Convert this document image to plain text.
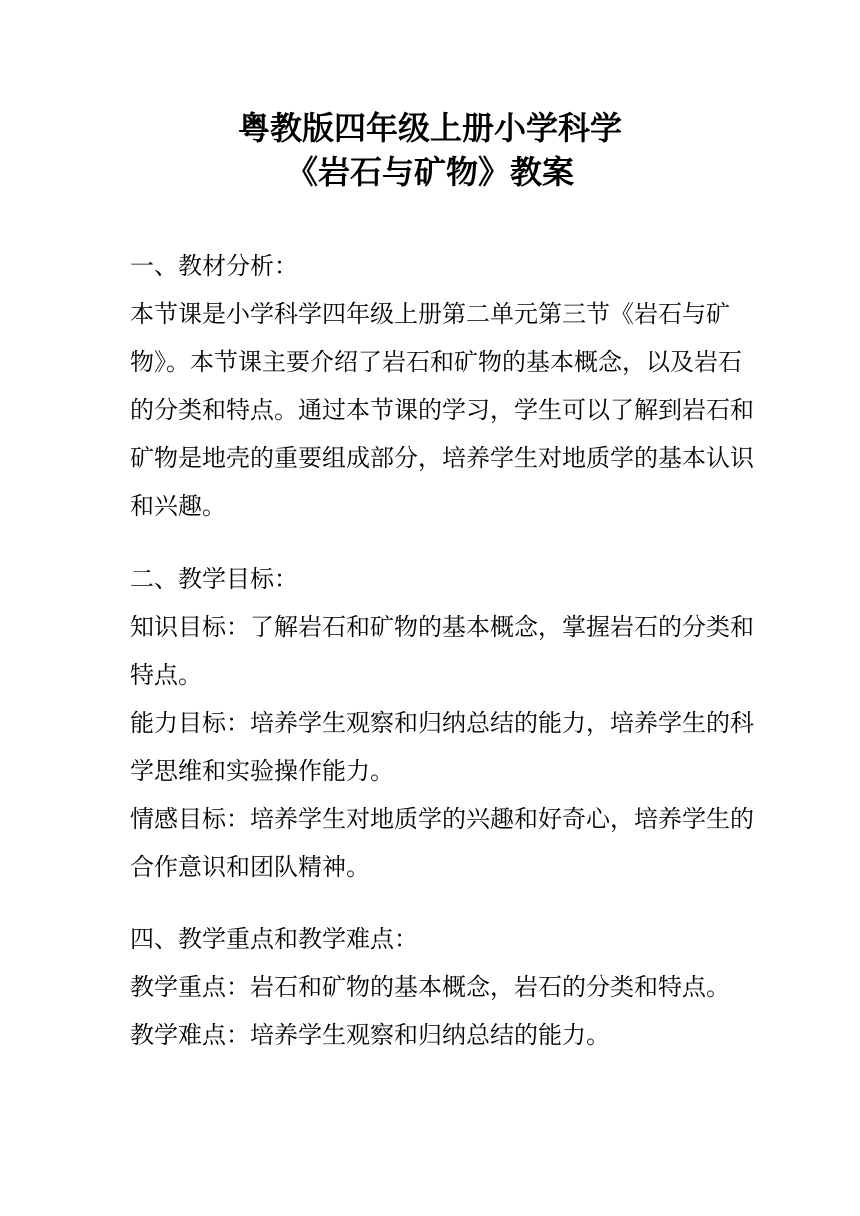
粤教版四年级上册小学科学
《岩石与矿物》教案
一、教材分析：
本节课是小学科学四年级上册第二单元第三节《岩石与矿
物》。本节课主要介绍了岩石和矿物的基本概念，以及岩石
的分类和特点。通过本节课的学习，学生可以了解到岩石和
矿物是地壳的重要组成部分，培养学生对地质学的基本认识
和兴趣。
二、教学目标：
知识目标：了解岩石和矿物的基本概念，掌握岩石的分类和
特点。
能力目标：培养学生观察和归纳总结的能力，培养学生的科
学思维和实验操作能力。
情感目标：培养学生对地质学的兴趣和好奇心，培养学生的
合作意识和团队精神。
四、教学重点和教学难点：
教学重点：岩石和矿物的基本概念，岩石的分类和特点。
教学难点：培养学生观察和归纳总结的能力。
